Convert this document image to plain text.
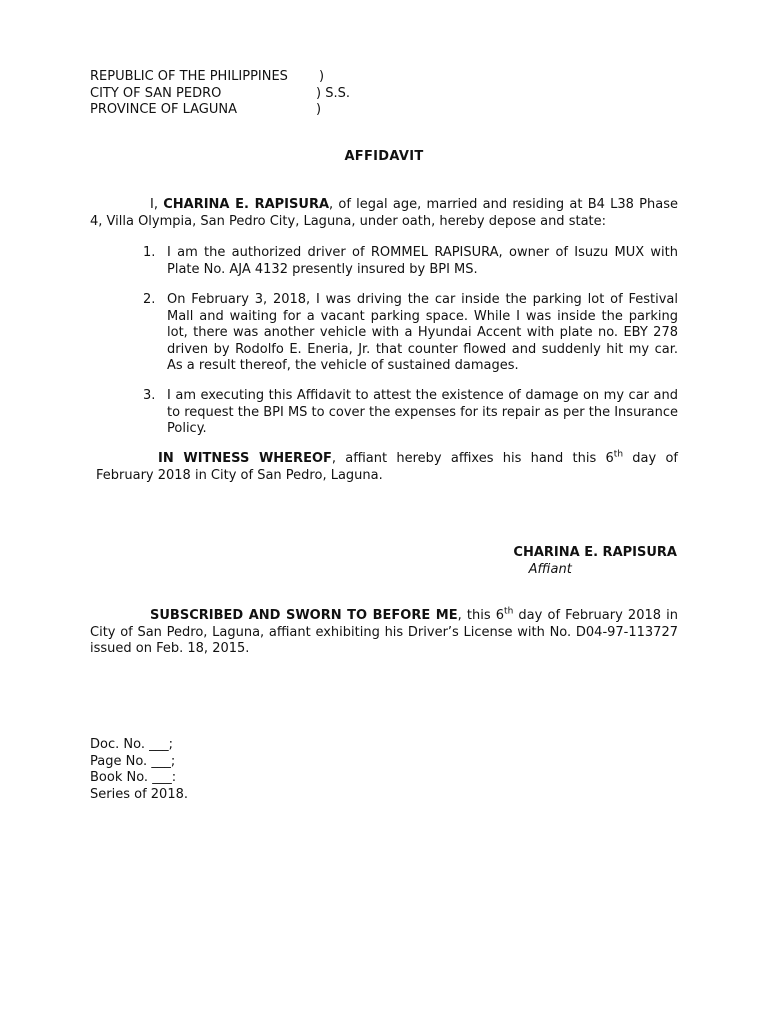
REPUBLIC OF THE PHILIPPINES )
CITY OF SAN PEDRO	) S.S.
PROVINCE OF LAGUNA	)
AFFIDAVIT
I, CHARINA E. RAPISURA, of legal age, married and residing at B4 L38 Phase 4, Villa Olympia, San Pedro City, Laguna, under oath, hereby depose and state:
1. I am the authorized driver of ROMMEL RAPISURA, owner of Isuzu MUX with Plate No. AJA 4132 presently insured by BPI MS.
2. On February 3, 2018, I was driving the car inside the parking lot of Festival Mall and waiting for a vacant parking space. While I was inside the parking lot, there was another vehicle with a Hyundai Accent with plate no. EBY 278 driven by Rodolfo E. Eneria, Jr. that counter flowed and suddenly hit my car. As a result thereof, the vehicle of sustained damages.
3. I am executing this Affidavit to attest the existence of damage on my car and to request the BPI MS to cover the expenses for its repair as per the Insurance Policy.
IN WITNESS WHEREOF, affiant hereby affixes his hand this 6th day of February 2018 in City of San Pedro, Laguna.
CHARINA E. RAPISURA
Affiant
SUBSCRIBED AND SWORN TO BEFORE ME, this 6th day of February 2018 in City of San Pedro, Laguna, affiant exhibiting his Driver’s License with No. D04-97-113727 issued on Feb. 18, 2015.
Doc. No. ___;
Page No. ___;
Book No. ___:
Series of 2018.
